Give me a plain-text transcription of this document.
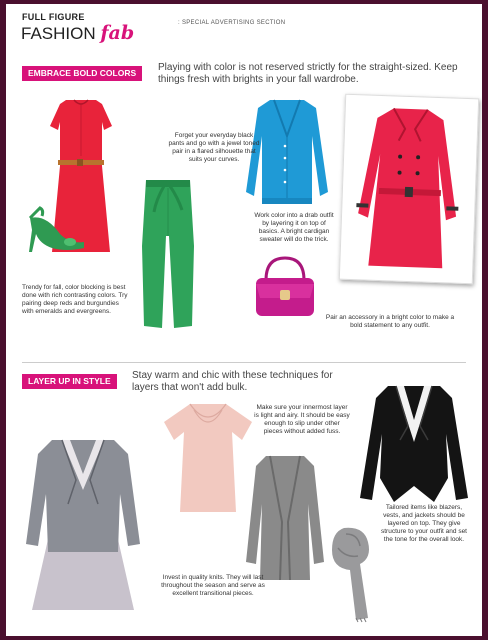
FULL FIGURE
FASHION fab	: SPECIAL ADVERTISING SECTION
EMBRACE BOLD COLORS	Playing with color is not reserved strictly for the straight-sized. Keep things fresh with brights in your fall wardrobe.
Forget your everyday black pants and go with a jewel toned pair in a flared silhouette that suits your curves.
Work color into a drab outfit by layering it on top of basics. A bright cardigan sweater will do the trick.
Trendy for fall, color blocking is best done with rich contrasting colors. Try pairing deep reds and burgundies with emeralds and evergreens.
Pair an accessory in a bright color to make a bold statement to any outfit.
LAYER UP IN STYLE	Stay warm and chic with these techniques for layers that won't add bulk.
Make sure your innermost layer is light and airy. It should be easy enough to slip under other pieces without added fuss.
Tailored items like blazers, vests, and jackets should be layered on top. They give structure to your outfit and set the tone for the overall look.
Invest in quality knits. They will last throughout the season and serve as excellent transitional pieces.
